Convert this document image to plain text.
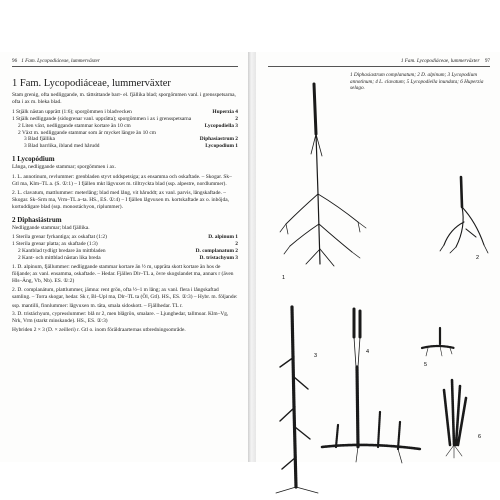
96 1 Fam. Lycopodiáceae, lummerväxter
1 Fam. Lycopodiáceae, lummerväxter
Stam grenig, ofta nedliggande, m. tättsittande barr- el. fjällika blad; sporgömmen vanl. i grensspetsarna, ofta i ax m. bleka blad.
1 Stjälk nästan upprätt (1:6); sporgömmen i bladvecken	Huperzia 4
1 Stjälk nedliggande (sidogrenar vanl. upprätta); sporgömmen i ax i grensspetsarna	2
2 Liten växt, nedliggande stammar kortare än 10 cm	Lycopodiella 3
2 Växt m. nedliggande stammar som är mycket längre än 10 cm
3 Blad fjällika	Diphasiastrum 2
3 Blad barrlika, ibland med hårudd	Lycopodium 1
1 Lycopódium
Långa, nedliggande stammar; sporgömmen i ax.
1. L. annotinum, revlummer: grenbladen styvt uddspetsiga; ax ensamma och oskaftade. – Skogar. Sk–Gtl ma, Klm–TL a. (S. ①:1) – I fjällen mkt lågvuxet m. tilltryckta blad (ssp. alpestre, nordlummer).
2. L. clavatum, mattlummer: meterlång; blad med lång, vit håruddt; ax vanl. parvis, långskaftade. – Skogar. Sk–Srm ma, Vrm–TL a–ta. HS., ES. ①:4) – I fjällen lågvuxen m. kortskaftade ax o. inböjda, kortuddigare blad (ssp. monostáchyon, riplummer).
2 Diphasiástrum
Nedliggande stammar; blad fjällika.
1 Sterila grenar fyrkantiga; ax oskaftat (1:2)	D. alpinum 1
1 Sterila grenar platta; ax skaftade (1:3)	2
2 Kantblad tydligt bredare än mittbladen	D. complanatum 2
2 Kant- och mittblad nästan lika breda	D. tristachyum 3
1. D. alpinum, fjällummer: nedliggande stammar kortare än ½ m, uppräta skott kortare än hos de följande; ax vanl. ensamma, oskaftade. – Hedar. Fjällen Dlr–TL a, övre skogslandet ma, annars r (även Hls–Äng, Vb, Nb). ES. ①:2)
2. D. complanátum, plattlummer, jämna: rent grön, ofta ½–1 m lång; ax vanl. flera i långskaftad samling. – Torra skogar, hedar. Sk r, Bl–Upl ma, Dlr–TL ta (Öl, Gtl). HS., ES. ①:3) – Hybr. m. följande:
ssp. mantilli, finnlummer: lågvuxen m. täta, smala sidoskott. – Fjällhedar. TL r.
3. D. tristáchyum, cypresslummer: blå nr 2, men blågrön, smalare. – Ljunghedar, tallmoar. Klm–Vg, Nrk, Vrm (starkt minskande). HS., ES. ①:3)
Hybriden 2 × 3 (D. × zeilleri) r. Gtl o. inom föräldraarternas utbredningsområde.
1 Fam. Lycopodiáceae, lummerväxter 97
1 Diphasiastrum complanatum; 2 D. alpinum; 3 Lycopodium annotinum; 4 L. clavatum; 5 Lycopodiella inundata; 6 Huperzia selago.
1
2
3
4
5
6
